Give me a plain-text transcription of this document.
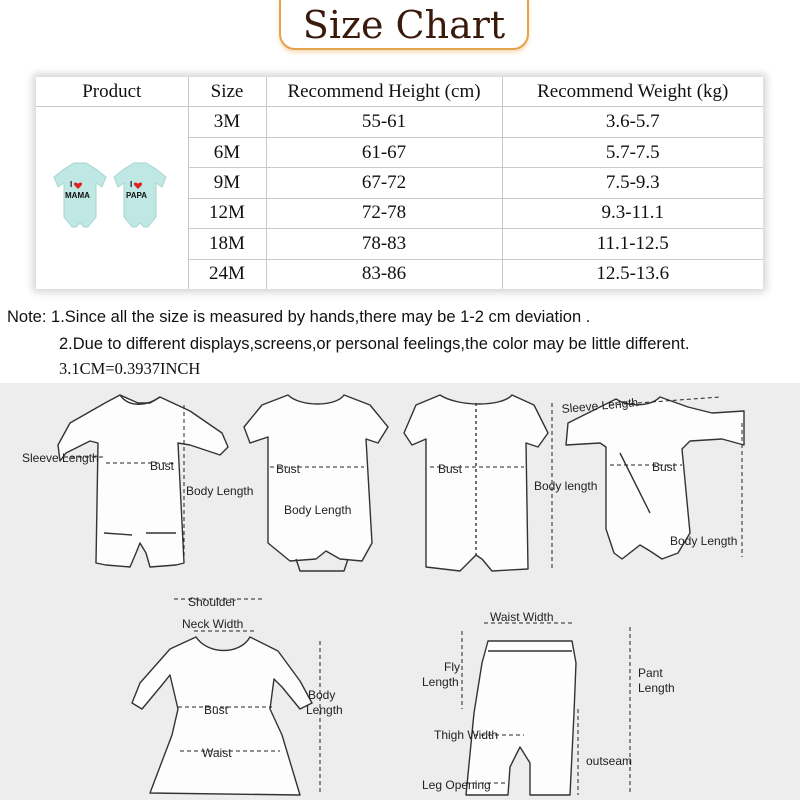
Size Chart
Product	Size	Recommend Height (cm)	Recommend Weight (kg)

I
MAMA
I
PAPA	3M	55-61	3.6-5.7
	6M	61-67	5.7-7.5
	9M	67-72	7.5-9.3
	12M	72-78	9.3-11.1
	18M	78-83	11.1-12.5
	24M	83-86	12.5-13.6
Note: 1.Since all the size is measured by hands,there may be 1-2 cm deviation .
2.Due to different displays,screens,or personal feelings,the color may be little different.
3.1CM=0.3937INCH
Sleeve Length
Bust
Body Length
Bust
Body Length
Bust
Body length
Sleeve Length
Bust
Body Length
Shoulder
Neck Width
Bust
Waist
Body
Length
Waist Width
Fly
Length
Pant
Length
Thigh Width
outseam
Leg Opening
